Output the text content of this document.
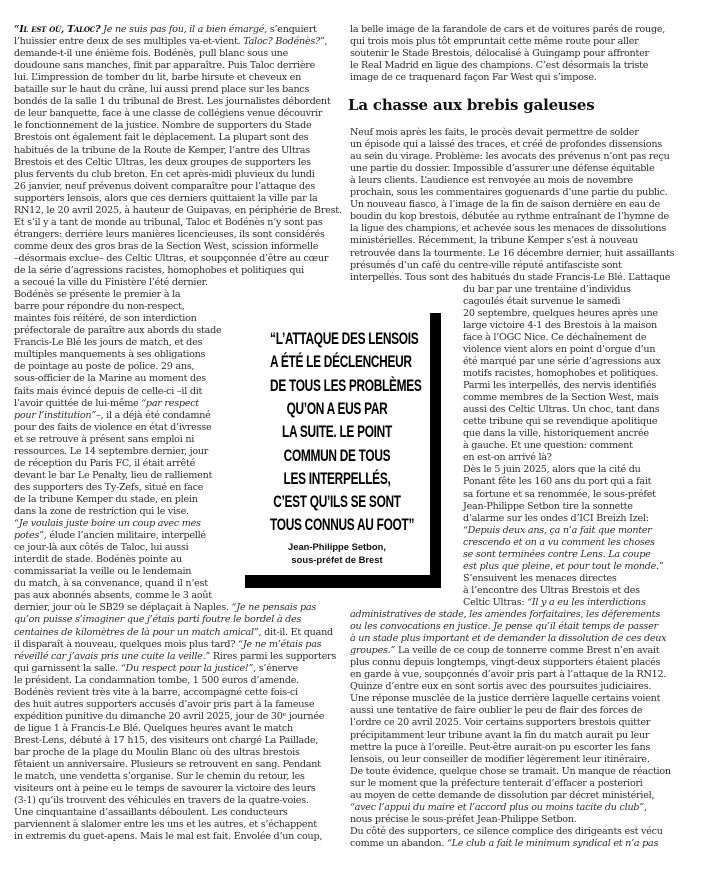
“Il est où, Taloc? Je ne suis pas fou, il a bien émargé, s’enquiert
l’huissier entre deux de ses multiples va-et-vient. Taloc? Bodénès?”,
demande-t-il une énième fois. Bodénès, pull blanc sous une
doudoune sans manches, finit par apparaître. Puis Taloc derrière
lui. L’impression de tomber du lit, barbe hirsute et cheveux en
bataille sur le haut du crâne, lui aussi prend place sur les bancs
bondés de la salle 1 du tribunal de Brest. Les journalistes débordent
de leur banquette, face à une classe de collégiens venue découvrir
le fonctionnement de la justice. Nombre de supporters du Stade
Brestois ont également fait le déplacement. La plupart sont des
habitués de la tribune de la Route de Kemper, l’antre des Ultras
Brestois et des Celtic Ultras, les deux groupes de supporters les
plus fervents du club breton. En cet après-midi pluvieux du lundi
26 janvier, neuf prévenus doivent comparaître pour l’attaque des
supporters lensois, alors que ces derniers quittaient la ville par la
RN12, le 20 avril 2025, à hauteur de Guipavas, en périphérie de Brest.
Et s’il y a tant de monde au tribunal, Taloc et Bodénès n’y sont pas
étrangers: derrière leurs manières licencieuses, ils sont considérés
comme deux des gros bras de la Section West, scission informelle
–désormais exclue– des Celtic Ultras, et soupçonnée d’être au cœur
de la série d’agressions racistes, homophobes et politiques qui
a secoué la ville du Finistère l’été dernier.
Bodénès se présente le premier à la
barre pour répondre du non-respect,
maintes fois réitéré, de son interdiction
préfectorale de paraître aux abords du stade
Francis-Le Blé les jours de match, et des
multiples manquements à ses obligations
de pointage au poste de police. 29 ans,
sous-officier de la Marine au moment des
faits mais évincé depuis de celle-ci –il dit
l’avoir quittée de lui-même “par respect
pour l’institution”–, il a déjà été condamné
pour des faits de violence en état d’ivresse
et se retrouve à présent sans emploi ni
ressources. Le 14 septembre dernier, jour
de réception du Paris FC, il était arrêté
devant le bar Le Penalty, lieu de ralliement
des supporters des Ty-Zefs, situé en face
de la tribune Kemper du stade, en plein
dans la zone de restriction qui le vise.
“Je voulais juste boire un coup avec mes
potes”, élude l’ancien militaire, interpellé
ce jour-là aux côtés de Taloc, lui aussi
interdit de stade. Bodénès pointe au
commissariat la veille ou le lendemain
du match, à sa convenance, quand il n’est
pas aux abonnés absents, comme le 3 août
dernier, jour où le SB29 se déplaçait à Naples. “Je ne pensais pas
qu’on puisse s’imaginer que j’étais parti foutre le bordel à des
centaines de kilomètres de là pour un match amical”, dit-il. Et quand
il disparaît à nouveau, quelques mois plus tard? “Je ne m’étais pas
réveillé car j’avais pris une cuite la veille.” Rires parmi les supporters
qui garnissent la salle. “Du respect pour la justice!”, s’énerve
le président. La condamnation tombe, 1 500 euros d’amende.
Bodénès revient très vite à la barre, accompagné cette fois-ci
des huit autres supporters accusés d’avoir pris part à la fameuse
expédition punitive du dimanche 20 avril 2025, jour de 30ᵉ journée
de ligue 1 à Francis-Le Blé. Quelques heures avant le match
Brest-Lens, débuté à 17 h15, des visiteurs ont chargé La Paillade,
bar proche de la plage du Moulin Blanc où des ultras brestois
fêtaient un anniversaire. Plusieurs se retrouvent en sang. Pendant
le match, une vendetta s’organise. Sur le chemin du retour, les
visiteurs ont à peine eu le temps de savourer la victoire des leurs
(3-1) qu’ils trouvent des véhicules en travers de la quatre-voies.
Une cinquantaine d’assaillants déboulent. Les conducteurs
parviennent à slalomer entre les uns et les autres, et s’échappent
in extremis du guet-apens. Mais le mal est fait. Envolée d’un coup,
la belle image de la farandole de cars et de voitures parés de rouge,
qui trois mois plus tôt empruntait cette même route pour aller
soutenir le Stade Brestois, délocalisé à Guingamp pour affronter
le Real Madrid en ligue des champions. C’est désormais la triste
image de ce traquenard façon Far West qui s’impose.
La chasse aux brebis galeuses
Neuf mois après les faits, le procès devait permettre de solder
un épisode qui a laissé des traces, et créé de profondes dissensions
au sein du virage. Problème: les avocats des prévenus n’ont pas reçu
une partie du dossier. Impossible d’assurer une défense équitable
à leurs clients. L’audience est renvoyée au mois de novembre
prochain, sous les commentaires goguenards d’une partie du public.
Un nouveau fiasco, à l’image de la fin de saison dernière en eau de
boudin du kop brestois, débutée au rythme entraînant de l’hymne de
la ligue des champions, et achevée sous les menaces de dissolutions
ministérielles. Récemment, la tribune Kemper s’est à nouveau
retrouvée dans la tourmente. Le 16 décembre dernier, huit assaillants
présumés d’un café du centre-ville réputé antifasciste sont
interpellés. Tous sont des habitués du stade Francis-Le Blé. L’attaque
du bar par une trentaine d’individus
cagoulés était survenue le samedi
20 septembre, quelques heures après une
large victoire 4-1 des Brestois à la maison
face à l’OGC Nice. Ce déchaînement de
violence vient alors en point d’orgue d’un
été marqué par une série d’agressions aux
motifs racistes, homophobes et politiques.
Parmi les interpellés, des nervis identifiés
comme membres de la Section West, mais
aussi des Celtic Ultras. Un choc, tant dans
cette tribune qui se revendique apolitique
que dans la ville, historiquement ancrée
à gauche. Et une question: comment
en est-on arrivé là?
Dès le 5 juin 2025, alors que la cité du
Ponant fête les 160 ans du port qui a fait
sa fortune et sa renommée, le sous-préfet
Jean-Philippe Setbon tire la sonnette
d’alarme sur les ondes d’ICI Breizh Izel:
“Depuis deux ans, ça n’a fait que monter
crescendo et on a vu comment les choses
se sont terminées contre Lens. La coupe
est plus que pleine, et pour tout le monde.”
S’ensuivent les menaces directes
à l’encontre des Ultras Brestois et des
Celtic Ultras: “Il y a eu les interdictions
administratives de stade, les amendes forfaitaires, les déferements
ou les convocations en justice. Je pense qu’il était temps de passer
à un stade plus important et de demander la dissolution de ces deux
groupes.” La veille de ce coup de tonnerre comme Brest n’en avait
plus connu depuis longtemps, vingt-deux supporters étaient placés
en garde à vue, soupçonnés d’avoir pris part à l’attaque de la RN12.
Quinze d’entre eux en sont sortis avec des poursuites judiciaires.
Une réponse musclée de la justice derrière laquelle certains voient
aussi une tentative de faire oublier le peu de flair des forces de
l’ordre ce 20 avril 2025. Voir certains supporters brestois quitter
précipitamment leur tribune avant la fin du match aurait pu leur
mettre la puce à l’oreille. Peut-être aurait-on pu escorter les fans
lensois, ou leur conseiller de modifier légèrement leur itinéraire.
De toute évidence, quelque chose se tramait. Un manque de réaction
sur le moment que la préfecture tenterait d’effacer a posteriori
au moyen de cette demande de dissolution par décret ministériel,
“avec l’appui du maire et l’accord plus ou moins tacite du club”,
nous précise le sous-préfet Jean-Philippe Setbon.
Du côté des supporters, ce silence complice des dirigeants est vécu
comme un abandon. “Le club a fait le minimum syndical et n’a pas
“L’ATTAQUE DES LENSOIS
A ÉTÉ LE DÉCLENCHEUR
DE TOUS LES PROBLÈMES
QU’ON A EUS PAR
LA SUITE. LE POINT
COMMUN DE TOUS
LES INTERPELLÉS,
C’EST QU’ILS SE SONT
TOUS CONNUS AU FOOT”
Jean-Philippe Setbon,
sous-préfet de Brest
